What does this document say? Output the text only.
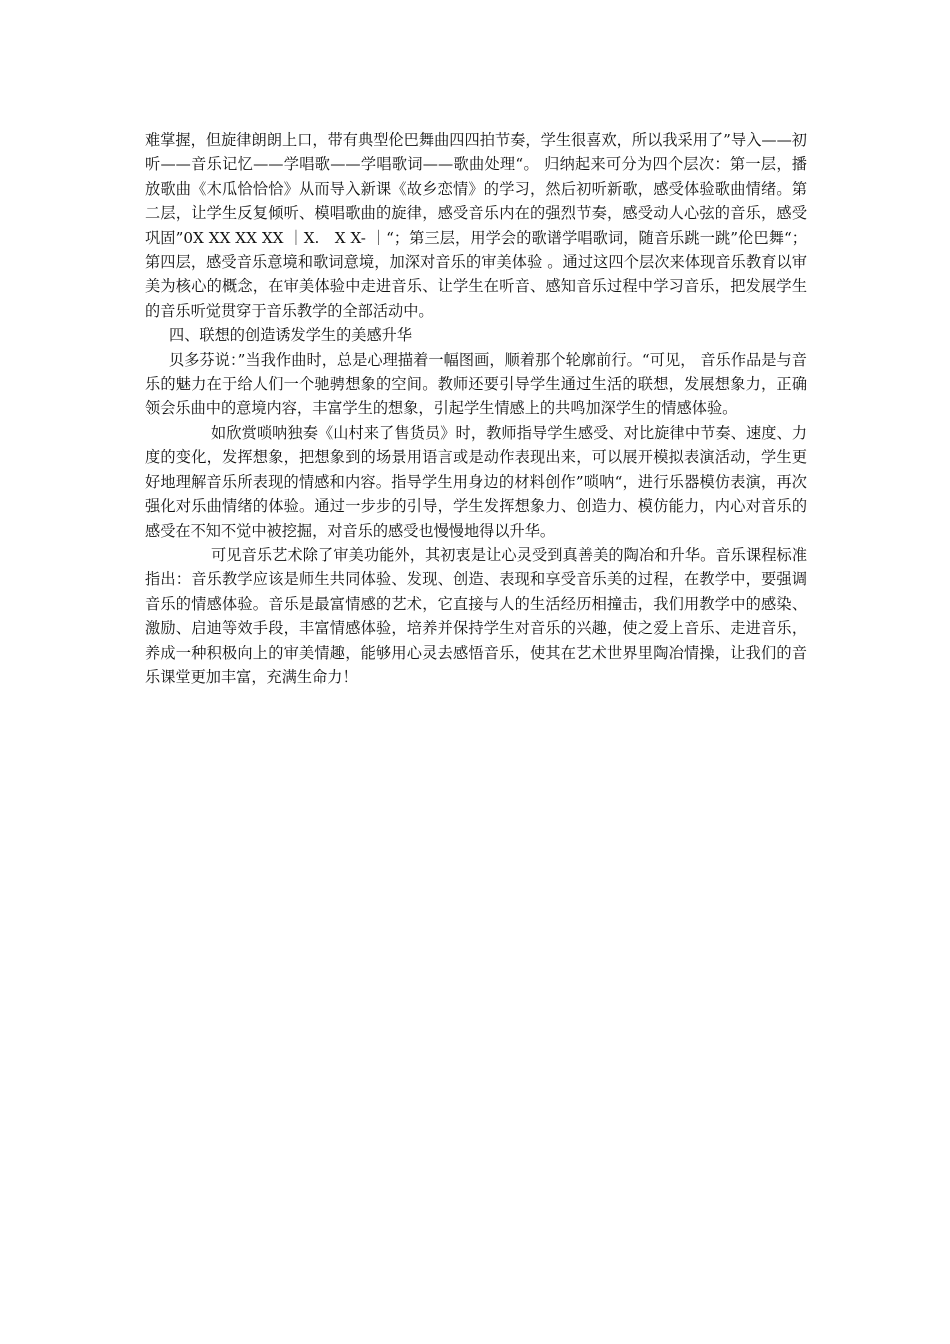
难掌握，但旋律朗朗上口，带有典型伦巴舞曲四四拍节奏，学生很喜欢，所以我采用了”导入——初听——音乐记忆——学唱歌——学唱歌词——歌曲处理“。 归纳起来可分为四个层次：第一层，播放歌曲《木瓜恰恰恰》从而导入新课《故乡恋情》的学习，然后初听新歌，感受体验歌曲情绪。第二层，让学生反复倾听、模唱歌曲的旋律，感受音乐内在的强烈节奏，感受动人心弦的音乐，感受巩固”0X XX XX XX ｜X.　X X- ｜“；第三层，用学会的歌谱学唱歌词，随音乐跳一跳”伦巴舞“；第四层，感受音乐意境和歌词意境，加深对音乐的审美体验 。通过这四个层次来体现音乐教育以审美为核心的概念，在审美体验中走进音乐、让学生在听音、感知音乐过程中学习音乐，把发展学生的音乐听觉贯穿于音乐教学的全部活动中。

四、联想的创造诱发学生的美感升华

贝多芬说：”当我作曲时，总是心理描着一幅图画，顺着那个轮廓前行。“可见， 音乐作品是与音乐的魅力在于给人们一个驰骋想象的空间。教师还要引导学生通过生活的联想，发展想象力，正确领会乐曲中的意境内容，丰富学生的想象，引起学生情感上的共鸣加深学生的情感体验。

如欣赏唢呐独奏《山村来了售货员》时，教师指导学生感受、对比旋律中节奏、速度、力度的变化，发挥想象，把想象到的场景用语言或是动作表现出来，可以展开模拟表演活动，学生更好地理解音乐所表现的情感和内容。指导学生用身边的材料创作”唢呐“，进行乐器模仿表演，再次强化对乐曲情绪的体验。通过一步步的引导，学生发挥想象力、创造力、模仿能力，内心对音乐的感受在不知不觉中被挖掘，对音乐的感受也慢慢地得以升华。

可见音乐艺术除了审美功能外，其初衷是让心灵受到真善美的陶冶和升华。音乐课程标准指出：音乐教学应该是师生共同体验、发现、创造、表现和享受音乐美的过程，在教学中，要强调音乐的情感体验。音乐是最富情感的艺术，它直接与人的生活经历相撞击，我们用教学中的感染、激励、启迪等效手段，丰富情感体验，培养并保持学生对音乐的兴趣，使之爱上音乐、走进音乐，养成一种积极向上的审美情趣，能够用心灵去感悟音乐，使其在艺术世界里陶冶情操，让我们的音乐课堂更加丰富，充满生命力！
